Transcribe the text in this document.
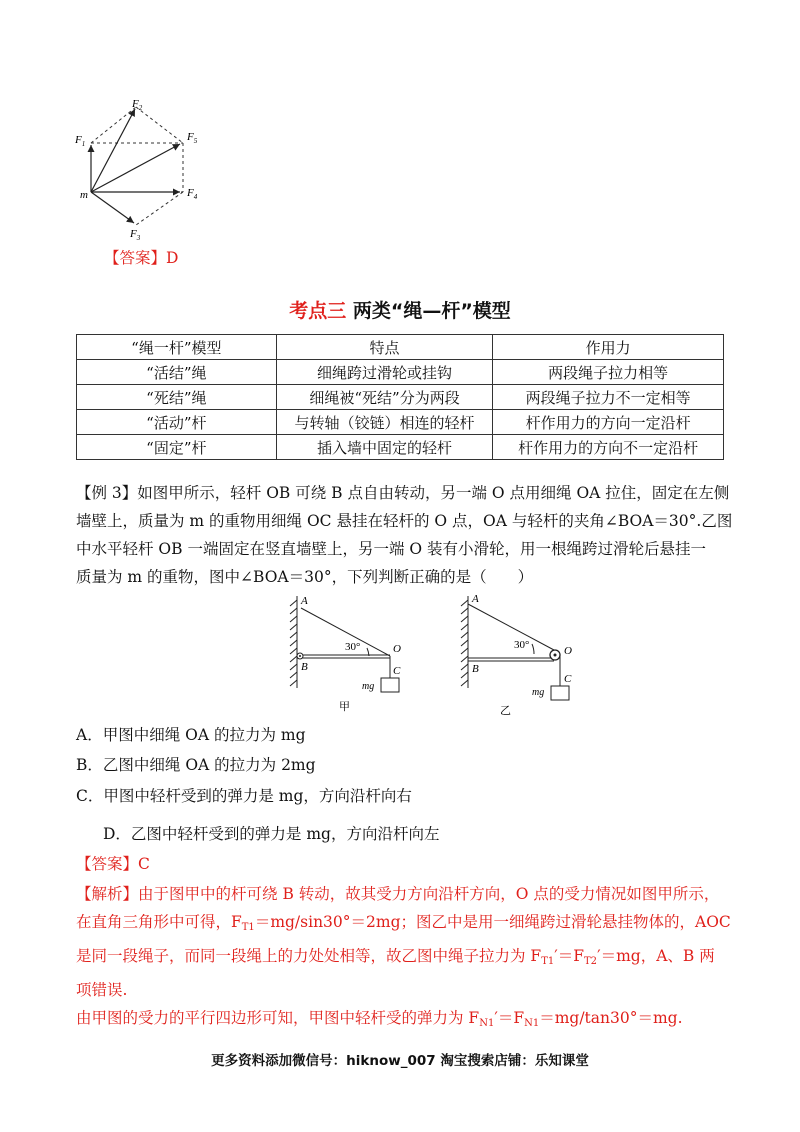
$F_1$
$F_2$
$F_5$
$F_4$
$F_3$
m
【答案】D
考点三 两类“绳—杆”模型
“绳一杆”模型	特点	作用力
“活结”绳	细绳跨过滑轮或挂钩	两段绳子拉力相等
“死结”绳	细绳被“死结”分为两段	两段绳子拉力不一定相等
“活动”杆	与转轴（铰链）相连的轻杆	杆作用力的方向一定沿杆
“固定”杆	插入墙中固定的轻杆	杆作用力的方向不一定沿杆
【例 3】如图甲所示，轻杆 OB 可绕 B 点自由转动，另一端 O 点用细绳 OA 拉住，固定在左侧
墙壁上，质量为 m 的重物用细绳 OC 悬挂在轻杆的 O 点，OA 与轻杆的夹角∠BOA＝30°.乙图
中水平轻杆 OB 一端固定在竖直墙壁上，另一端 O 装有小滑轮，用一根绳跨过滑轮后悬挂一
质量为 m 的重物，图中∠BOA＝30°，下列判断正确的是（　　）
A
B
O
C
30°
mg
甲
A
B
O
C
30°
mg
乙
A．甲图中细绳 OA 的拉力为 mg
B．乙图中细绳 OA 的拉力为 2mg
C．甲图中轻杆受到的弹力是 mg，方向沿杆向右
D．乙图中轻杆受到的弹力是 mg，方向沿杆向左
【答案】C
【解析】由于图甲中的杆可绕 B 转动，故其受力方向沿杆方向，O 点的受力情况如图甲所示，
在直角三角形中可得，$F_{T1}=mg/\sin 30^\circ=2mg$；图乙中是用一细绳跨过滑轮悬挂物体的，AOC
是同一段绳子，而同一段绳上的力处处相等，故乙图中绳子拉力为 $F_{T1}'=F_{T2}'=mg$，A、B 两
项错误.
由甲图的受力的平行四边形可知，甲图中轻杆受的弹力为 $F_{N1}'=F_{N1}=mg/\tan 30^\circ=mg$.
更多资料添加微信号：hiknow_007 淘宝搜索店铺：乐知课堂
